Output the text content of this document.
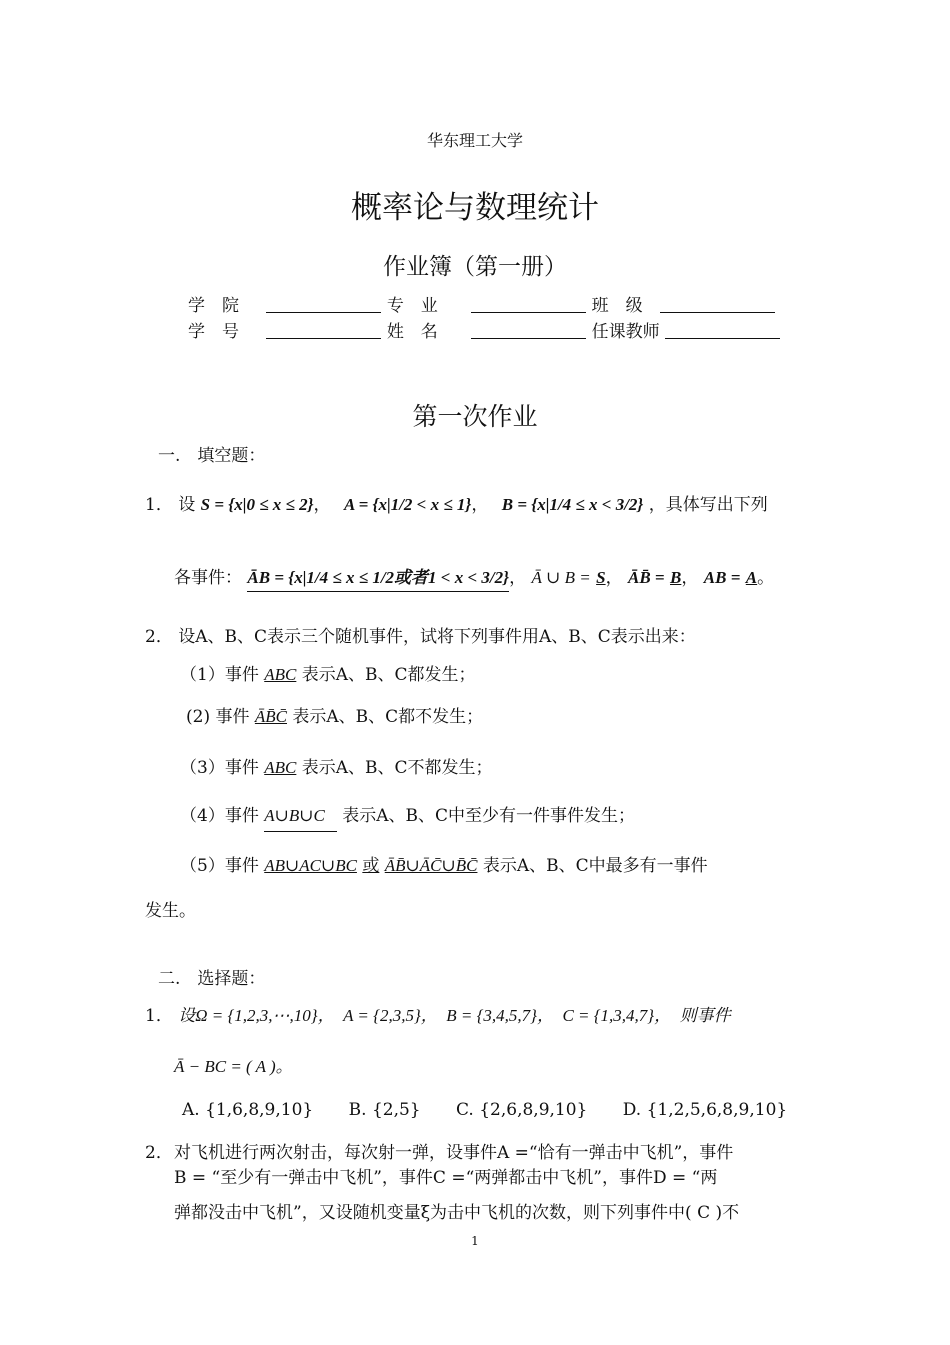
华东理工大学
概率论与数理统计
作业簿（第一册）
学　院	专　业	班　级
学　号	姓　名	任课教师
第一次作业
一.　填空题：
1． 设 S = {x|0 ≤ x ≤ 2}， A = {x|1/2 < x ≤ 1}， B = {x|1/4 ≤ x < 3/2} ，具体写出下列
各事件： ĀB = {x|1/4 ≤ x ≤ 1/2或者1 < x < 3/2}， Ā ∪ B = S， ĀB̄ = B， AB = A。
2． 设A、B、C表示三个随机事件，试将下列事件用A、B、C表示出来：
（1）事件 ABC 表示A、B、C都发生；
(2) 事件 ĀB̄C̄ 表示A、B、C都不发生；
（3）事件 ABC 表示A、B、C不都发生；
（4）事件 A∪B∪C 表示A、B、C中至少有一件事件发生；
（5）事件 AB∪AC∪BC 或 ĀB̄∪ĀC̄∪B̄C̄ 表示A、B、C中最多有一事件
发生。
二.　选择题：
1． 设Ω = {1,2,3,⋯,10}，　A = {2,3,5}，　B = {3,4,5,7}，　C = {1,3,4,7}，　则事件
Ā − BC = ( A )。
A. {1,6,8,9,10} B. {2,5} C. {2,6,8,9,10} D. {1,2,5,6,8,9,10}
2． 对飞机进行两次射击，每次射一弹，设事件A =“恰有一弹击中飞机”，事件
B = “至少有一弹击中飞机”，事件C =“两弹都击中飞机”，事件D = “两
弹都没击中飞机”，又设随机变量ξ为击中飞机的次数，则下列事件中( C )不
1
